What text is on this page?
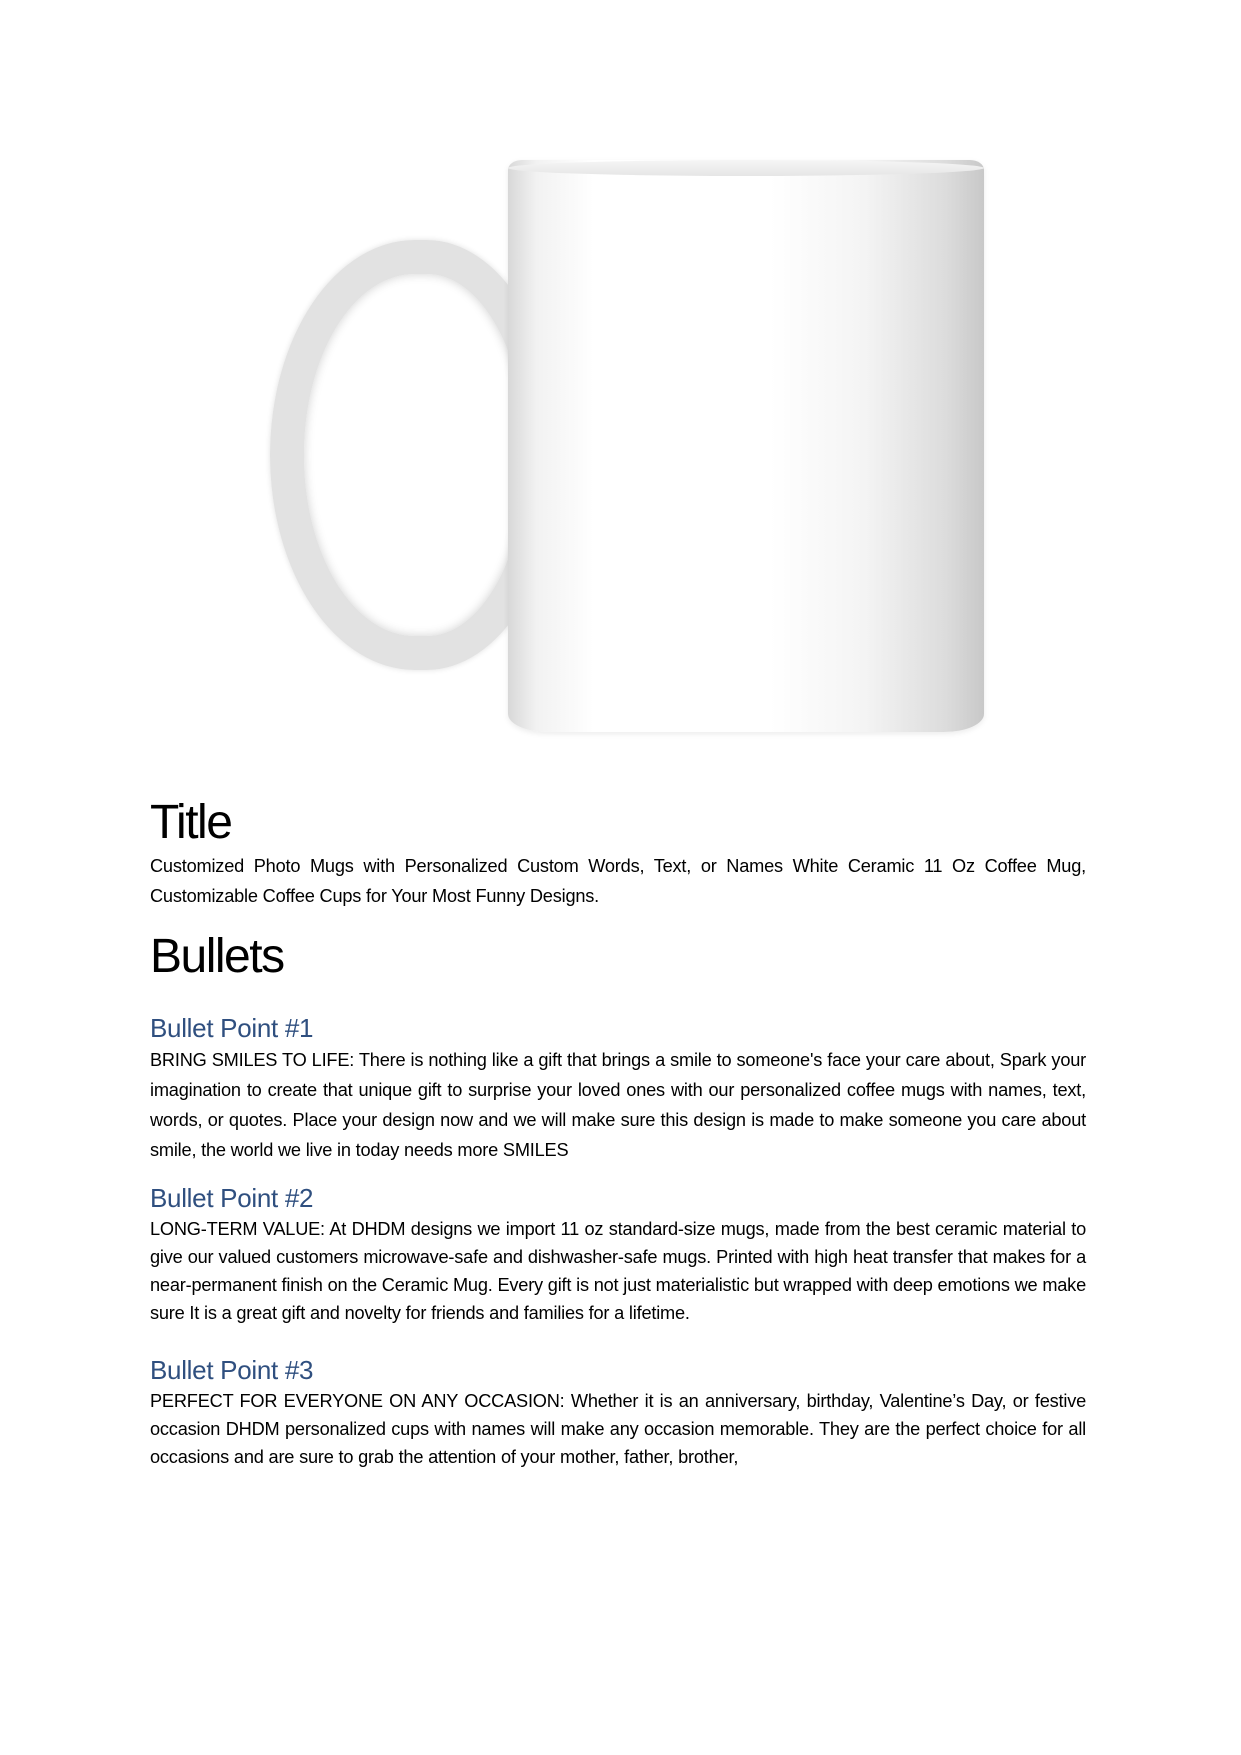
YOUR
CUSTOM
TEXT
HERE
Title

Customized Photo Mugs with Personalized Custom Words, Text, or Names White Ceramic 11 Oz Coffee Mug, Customizable Coffee Cups for Your Most Funny Designs.

Bullets
Bullet Point #1

BRING SMILES TO LIFE: There is nothing like a gift that brings a smile to someone's face your care about, Spark your imagination to create that unique gift to surprise your loved ones with our personalized coffee mugs with names, text, words, or quotes. Place your design now and we will make sure this design is made to make someone you care about smile, the world we live in today needs more SMILES

Bullet Point #2

LONG-TERM VALUE: At DHDM designs we import 11 oz standard-size mugs, made from the best ceramic material to give our valued customers microwave-safe and dishwasher-safe mugs. Printed with high heat transfer that makes for a near-permanent finish on the Ceramic Mug. Every gift is not just materialistic but wrapped with deep emotions we make sure It is a great gift and novelty for friends and families for a lifetime.

Bullet Point #3

PERFECT FOR EVERYONE ON ANY OCCASION: Whether it is an anniversary, birthday, Valentine’s Day, or festive occasion DHDM personalized cups with names will make any occasion memorable. They are the perfect choice for all occasions and are sure to grab the attention of your mother, father, brother,
